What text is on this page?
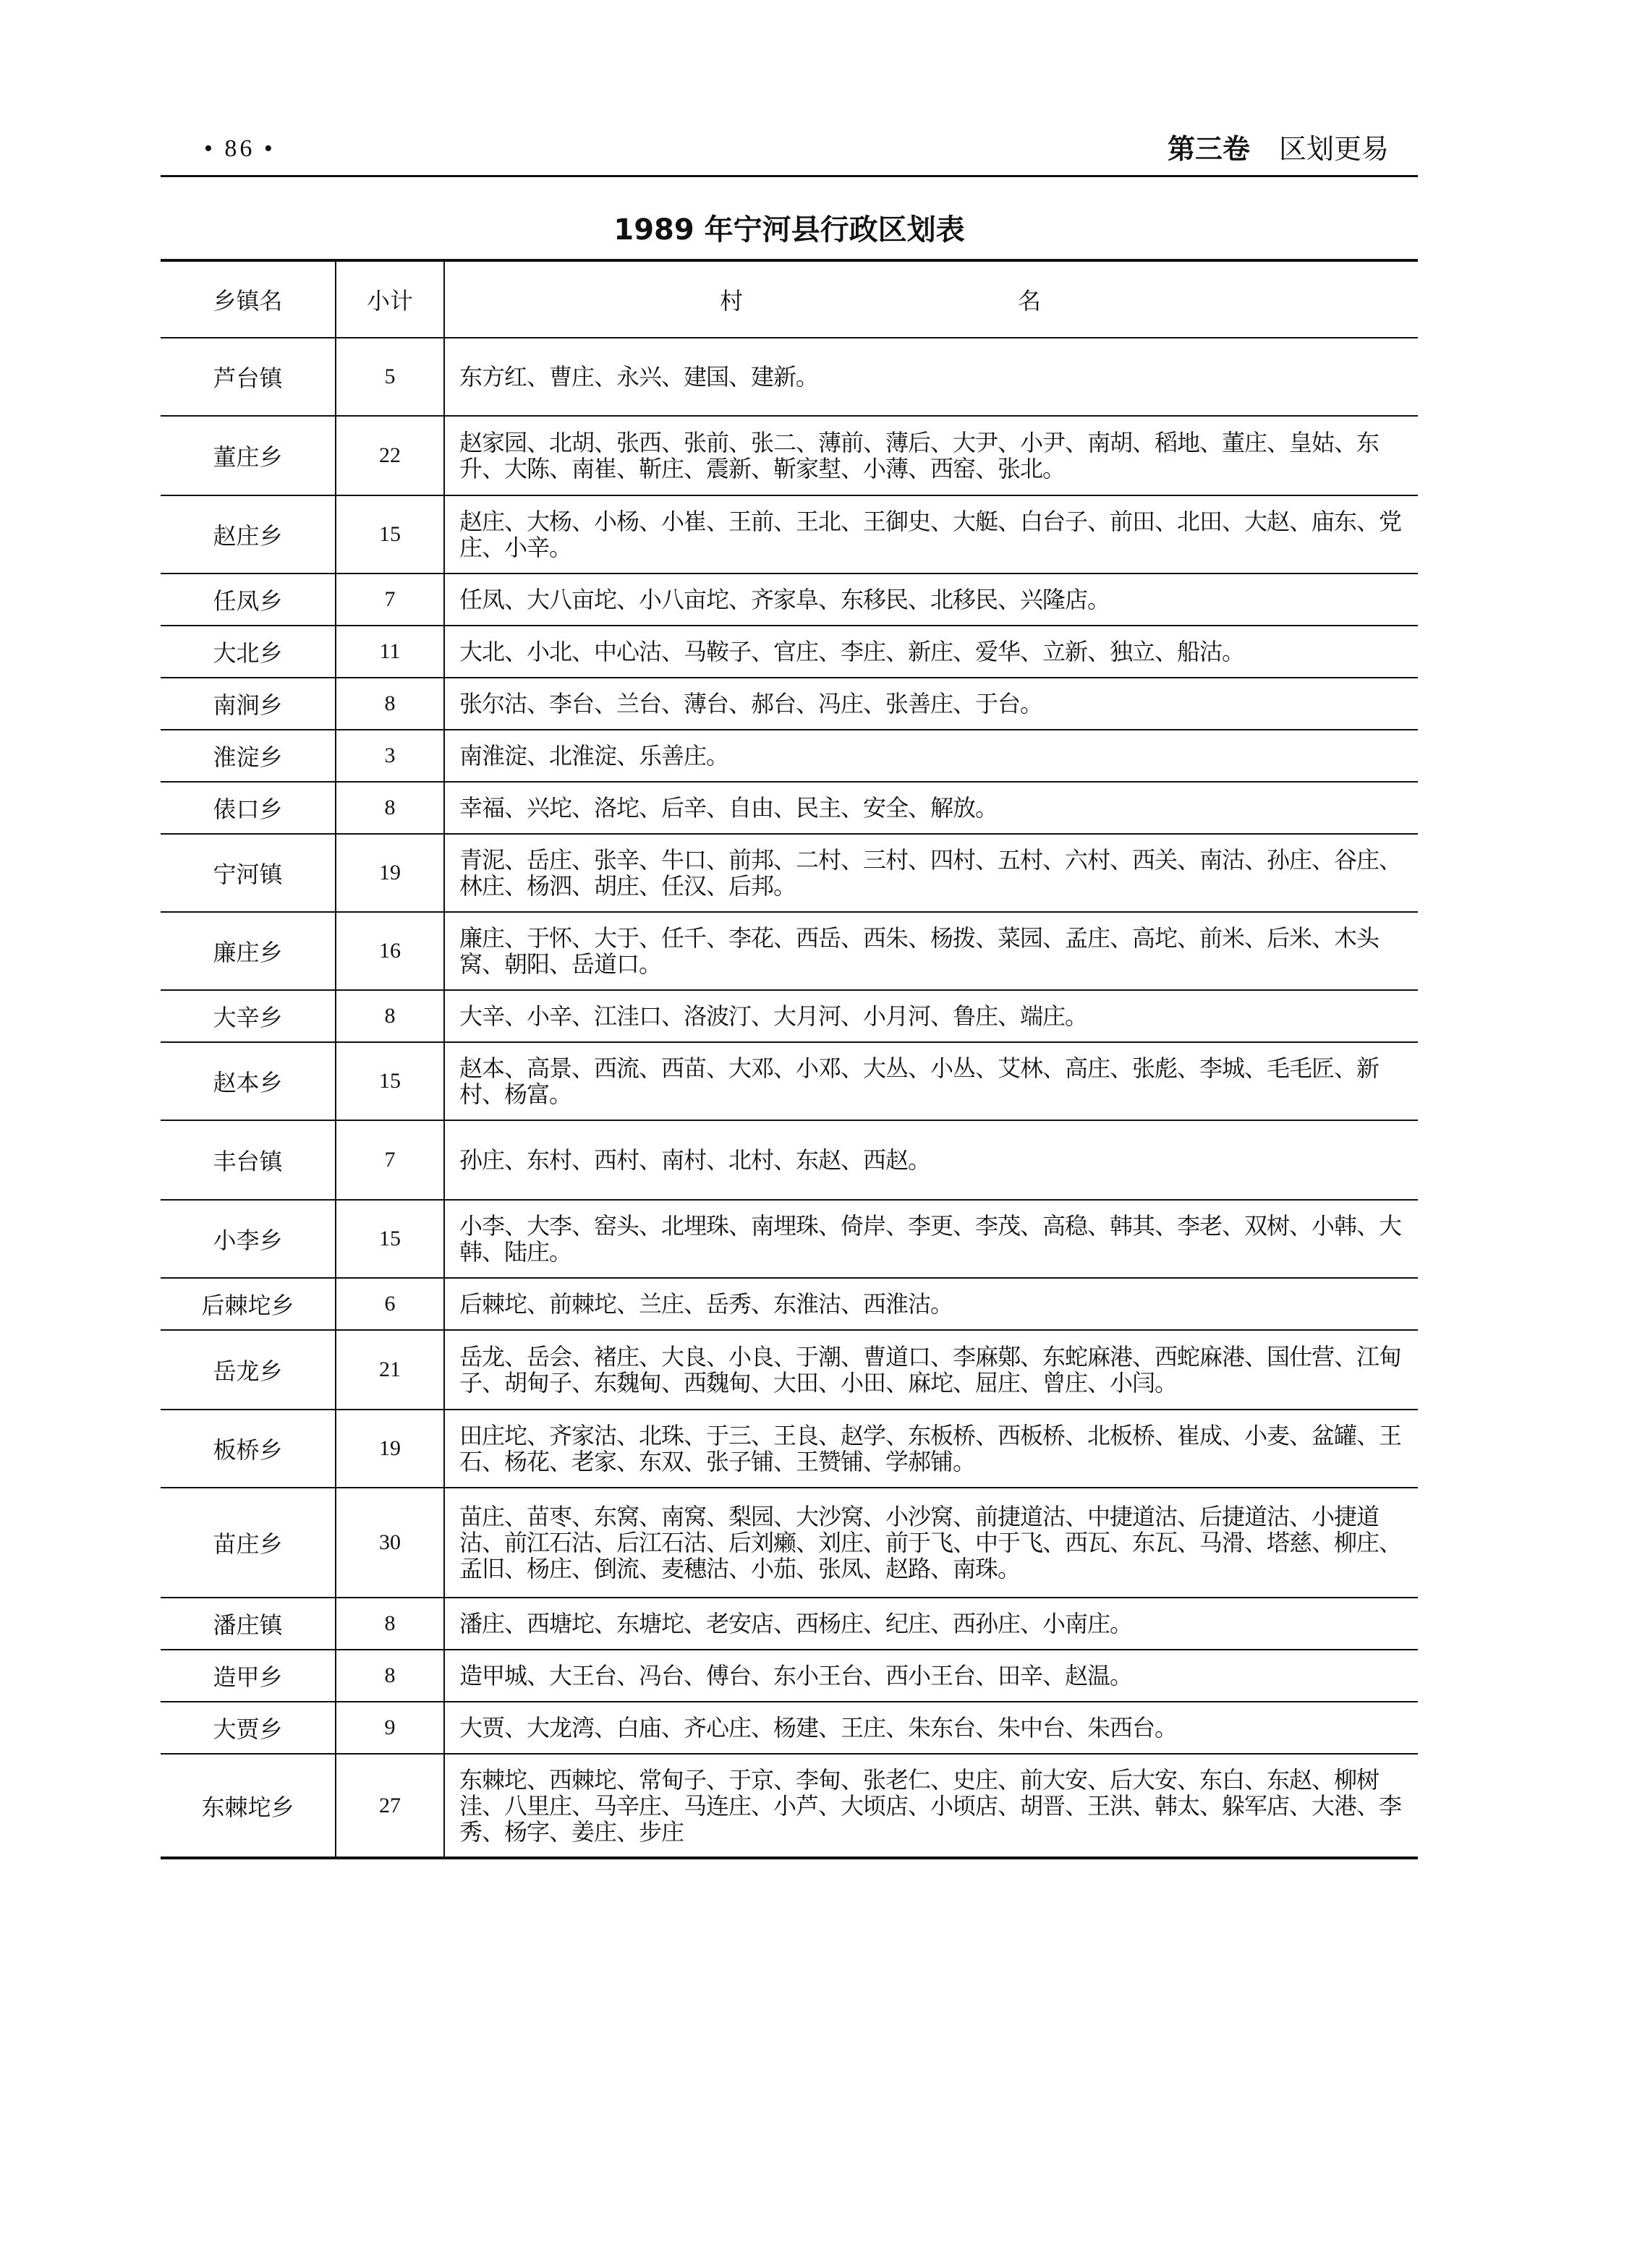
• 86 •	第三卷 区划更易
1989 年宁河县行政区划表
乡镇名	小计	村名
芦台镇	5	东方红、曹庄、永兴、建国、建新。
董庄乡	22	赵家园、北胡、张西、张前、张二、薄前、薄后、大尹、小尹、南胡、稻地、董庄、皇姑、东升、大陈、南崔、靳庄、震新、靳家堼、小薄、西窑、张北。
赵庄乡	15	赵庄、大杨、小杨、小崔、王前、王北、王御史、大艇、白台子、前田、北田、大赵、庙东、党庄、小辛。
任凤乡	7	任凤、大八亩坨、小八亩坨、齐家阜、东移民、北移民、兴隆店。
大北乡	11	大北、小北、中心沽、马鞍子、官庄、李庄、新庄、爱华、立新、独立、船沽。
南涧乡	8	张尔沽、李台、兰台、薄台、郝台、冯庄、张善庄、于台。
淮淀乡	3	南淮淀、北淮淀、乐善庄。
俵口乡	8	幸福、兴坨、洛坨、后辛、自由、民主、安全、解放。
宁河镇	19	青泥、岳庄、张辛、牛口、前邦、二村、三村、四村、五村、六村、西关、南沽、孙庄、谷庄、林庄、杨泗、胡庄、任汉、后邦。
廉庄乡	16	廉庄、于怀、大于、任千、李花、西岳、西朱、杨拨、菜园、孟庄、高坨、前米、后米、木头窝、朝阳、岳道口。
大辛乡	8	大辛、小辛、江洼口、洛波汀、大月河、小月河、鲁庄、端庄。
赵本乡	15	赵本、高景、西流、西苗、大邓、小邓、大丛、小丛、艾林、高庄、张彪、李城、毛毛匠、新村、杨富。
丰台镇	7	孙庄、东村、西村、南村、北村、东赵、西赵。
小李乡	15	小李、大李、窑头、北埋珠、南埋珠、倚岸、李更、李茂、高稳、韩其、李老、双树、小韩、大韩、陆庄。
后棘坨乡	6	后棘坨、前棘坨、兰庄、岳秀、东淮沽、西淮沽。
岳龙乡	21	岳龙、岳会、褚庄、大良、小良、于潮、曹道口、李麻鄚、东蛇麻港、西蛇麻港、国仕营、江甸子、胡甸子、东魏甸、西魏甸、大田、小田、麻坨、屈庄、曾庄、小闫。
板桥乡	19	田庄坨、齐家沽、北珠、于三、王良、赵学、东板桥、西板桥、北板桥、崔成、小麦、盆罐、王石、杨花、老家、东双、张子铺、王赞铺、学郝铺。
苗庄乡	30	苗庄、苗枣、东窝、南窝、梨园、大沙窝、小沙窝、前捷道沽、中捷道沽、后捷道沽、小捷道沽、前江石沽、后江石沽、后刘癞、刘庄、前于飞、中于飞、西瓦、东瓦、马滑、塔慈、柳庄、孟旧、杨庄、倒流、麦穗沽、小茄、张凤、赵路、南珠。
潘庄镇	8	潘庄、西塘坨、东塘坨、老安店、西杨庄、纪庄、西孙庄、小南庄。
造甲乡	8	造甲城、大王台、冯台、傅台、东小王台、西小王台、田辛、赵温。
大贾乡	9	大贾、大龙湾、白庙、齐心庄、杨建、王庄、朱东台、朱中台、朱西台。
东棘坨乡	27	东棘坨、西棘坨、常甸子、于京、李甸、张老仁、史庄、前大安、后大安、东白、东赵、柳树洼、八里庄、马辛庄、马连庄、小芦、大顷店、小顷店、胡晋、王洪、韩太、躲军店、大港、李秀、杨字、姜庄、步庄
